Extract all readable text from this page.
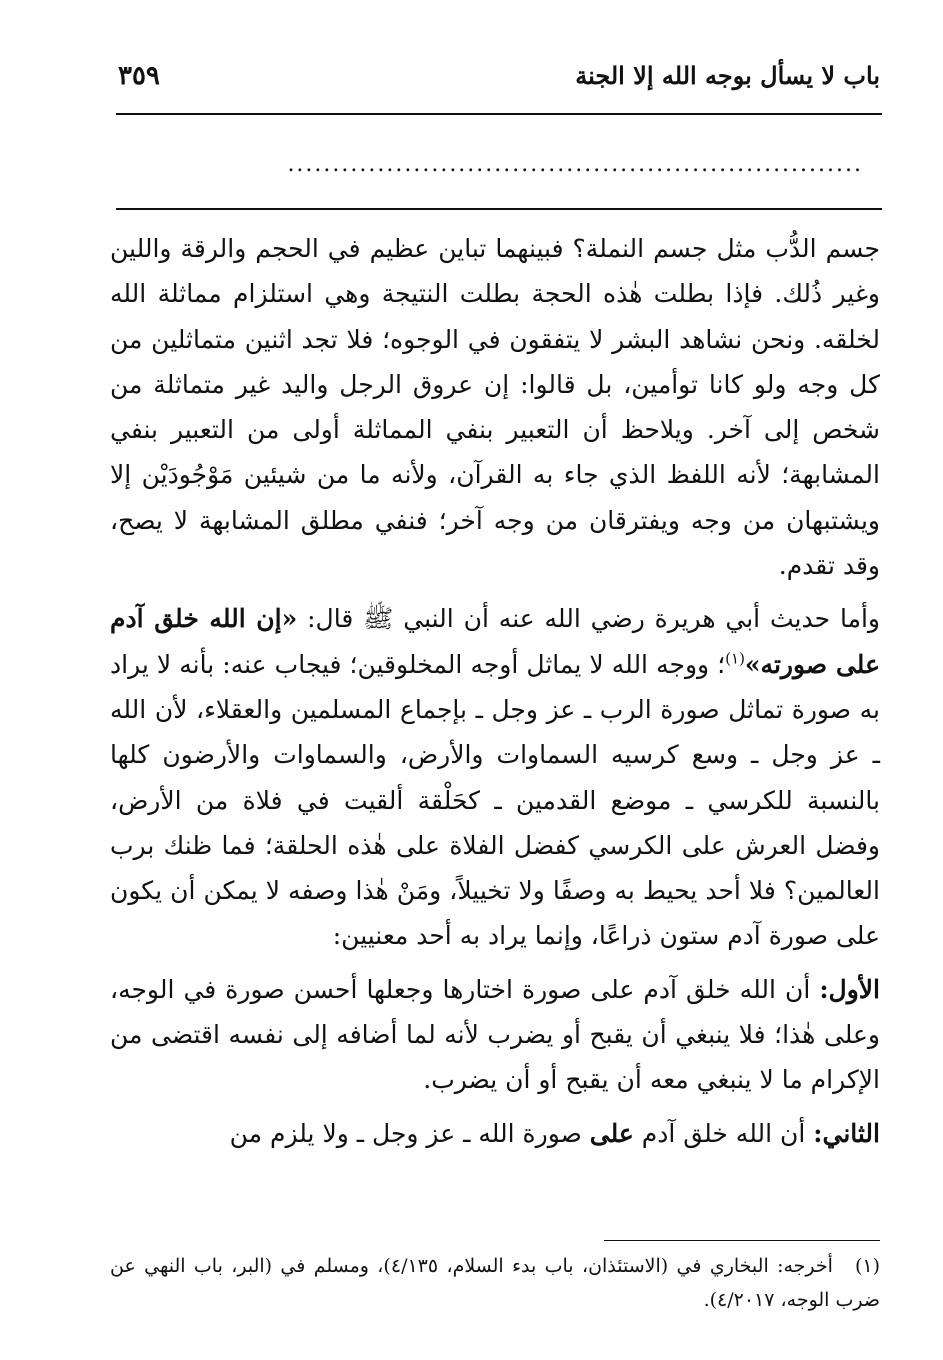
باب لا يسأل بوجه الله إلا الجنة
٣٥٩
................................................................

جسم الدُّب مثل جسم النملة؟ فبينهما تباين عظيم في الحجم والرقة واللين وغير ذُلك. فإذا بطلت هٰذه الحجة بطلت النتيجة وهي استلزام مماثلة الله لخلقه. ونحن نشاهد البشر لا يتفقون في الوجوه؛ فلا تجد اثنين متماثلين من كل وجه ولو كانا توأمين، بل قالوا: إن عروق الرجل واليد غير متماثلة من شخص إلى آخر. ويلاحظ أن التعبير بنفي المماثلة أولى من التعبير بنفي المشابهة؛ لأنه اللفظ الذي جاء به القرآن، ولأنه ما من شيئين مَوْجُودَيْن إلا ويشتبهان من وجه ويفترقان من وجه آخر؛ فنفي مطلق المشابهة لا يصح، وقد تقدم.

وأما حديث أبي هريرة رضي الله عنه أن النبي ﷺ قال: «إن الله خلق آدم على صورته»$^{(١)}$؛ ووجه الله لا يماثل أوجه المخلوقين؛ فيجاب عنه: بأنه لا يراد به صورة تماثل صورة الرب ـ عز وجل ـ بإجماع المسلمين والعقلاء، لأن الله ـ عز وجل ـ وسع كرسيه السماوات والأرض، والسماوات والأرضون كلها بالنسبة للكرسي ـ موضع القدمين ـ كحَلْقة ألقيت في فلاة من الأرض، وفضل العرش على الكرسي كفضل الفلاة على هٰذه الحلقة؛ فما ظنك برب العالمين؟ فلا أحد يحيط به وصفًا ولا تخييلاً، ومَنْ هٰذا وصفه لا يمكن أن يكون على صورة آدم ستون ذراعًا، وإنما يراد به أحد معنيين:

الأول: أن الله خلق آدم على صورة اختارها وجعلها أحسن صورة في الوجه، وعلى هٰذا؛ فلا ينبغي أن يقبح أو يضرب لأنه لما أضافه إلى نفسه اقتضى من الإكرام ما لا ينبغي معه أن يقبح أو أن يضرب.

الثاني: أن الله خلق آدم على صورة الله ـ عز وجل ـ ولا يلزم من

(١)أخرجه: البخاري في (الاستئذان، باب بدء السلام، ٤/١٣٥)، ومسلم في (البر، باب النهي عن ضرب الوجه، ٤/٢٠١٧).
